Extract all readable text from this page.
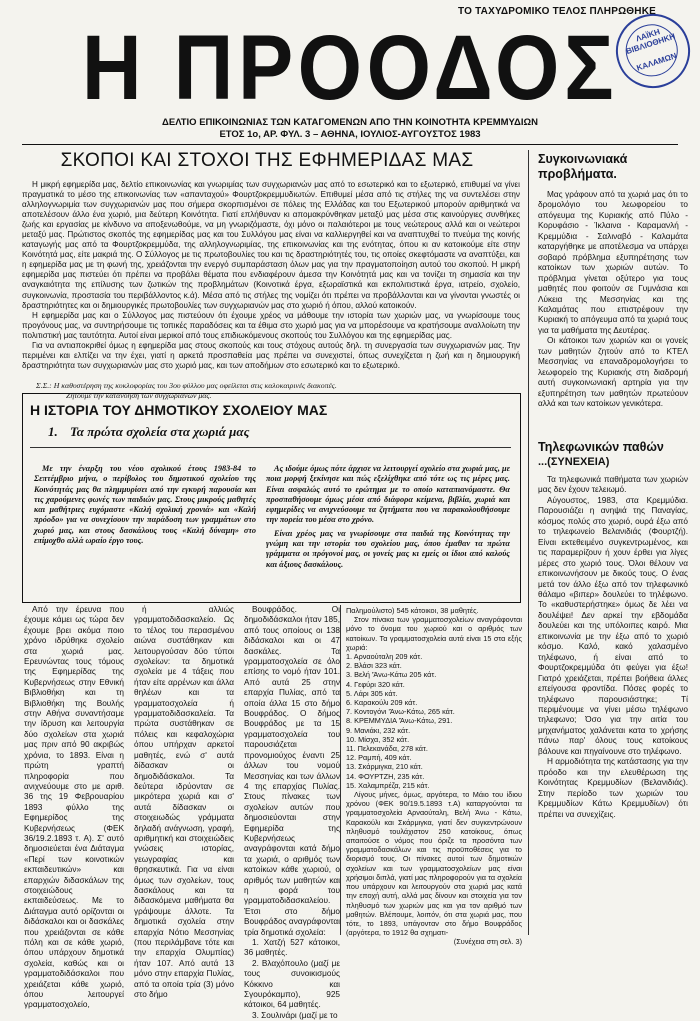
ΤΟ ΤΑΧΥΔΡΟΜΙΚΟ ΤΕΛΟΣ ΠΛΗΡΩΘΗΚΕ
Η ΠΡΟΟΔΟΣ	ΛΑΪΚΗ ΒΙΒΛΙΟΘΗΚΗ
ΚΑΛΑΜΩΝ
ΔΕΛΤΙΟ ΕΠΙΚΟΙΝΩΝΙΑΣ ΤΩΝ ΚΑΤΑΓΟΜΕΝΩΝ ΑΠΟ ΤΗΝ ΚΟΙΝΟΤΗΤΑ ΚΡΕΜΜΥΔΙΩΝ
ΕΤΟΣ 1ο, ΑΡ. ΦΥΛ. 3 – ΑΘΗΝΑ, ΙΟΥΛΙΟΣ-ΑΥΓΟΥΣΤΟΣ 1983
ΣΚΟΠΟΙ ΚΑΙ ΣΤΟΧΟΙ ΤΗΣ ΕΦΗΜΕΡΙΔΑΣ ΜΑΣ

Η μικρή εφημερίδα μας, δελτίο επικοινωνίας και γνωριμίας των συγχωριανών μας από το εσωτερικό και το εξωτερικό, επιθυμεί να γίνει πραγματικά το μέσο της επικοινωνίας των «απανταχού» Φουρτζοκρεμμυδιωτών. Επιθυμεί μέσα από τις στήλες της να συντελέσει στην αλληλογνωριμία των συγχωριανών μας που σήμερα σκορπισμένοι σε πόλεις της Ελλάδας και του Εξωτερικού μπορούν αριθμητικά να αποτελέσουν άλλο ένα χωριό, μια δεύτερη Κοινότητα. Γιατί επλήθυναν κι απομακρύνθηκαν μεταξύ μας μέσα στις καινούργιες συνθήκες ζωής και εργασίας με κίνδυνο να αποξενωθούμε, να μη γνωριζόμαστε, όχι μόνο οι παλαιότεροι με τους νεώτερους αλλά και οι νεώτεροι μεταξύ μας. Πρώτιστος σκοπός της εφημερίδας μας και του Συλλόγου μας είναι να καλλιεργηθεί και να αναπτυχθεί το πνεύμα της κοινής καταγωγής μας από τα Φουρτζοκρεμμύδα, της αλληλογνωριμίας, της επικοινωνίας και της ενότητας, όπου κι αν κατοικούμε είτε στην Κοινότητά μας, είτε μακριά της. Ο Σύλλογος με τις πρωτοβουλίες του και τις δραστηριότητές του, τις οποίες σκεφτόμαστε να αναπτύξει, και η εφημερίδα μας με τη φωνή της, χρειάζονται την ενεργό συμπαράσταση όλων μας για την πραγματοποίηση αυτού του σκοπού. Η μικρή εφημερίδα μας πιστεύει ότι πρέπει να προβάλει θέματα που ενδιαφέρουν άμεσα την Κοινότητά μας και να τονίζει τη σημασία και την αναγκαιότητα της επίλυσης των ζωτικών της προβλημάτων (Κοινοτικά έργα, εξωραϊστικά και εκπολιτιστικά έργα, ιατρείο, σχολείο, συγκοινωνία, προστασία του περιβάλλοντος κ.ά). Μέσα από τις στήλες της νομίζει ότι πρέπει να προβάλλονται και να γίνονται γνωστές οι δραστηριότητες και οι δημιουργικές πρωτοβουλίες των συγχωριανών μας στο χωριό ή όπου, αλλού κατοικούν.

Η εφημερίδα μας και ο Σύλλογος μας πιστεύουν ότι έχουμε χρέος να μάθουμε την ιστορία των χωριών μας, να γνωρίσουμε τους προγόνους μας, να συντηρήσουμε τις τοπικές παραδόσεις και τα έθιμα στο χωριό μας για να μπορέσουμε να κρατήσουμε αναλλοίωτη την πολιτιστική μας ταυτότητα. Αυτοί είναι μερικοί από τους επιδιωκόμενους σκοπούς του Συλλόγου και της εφημερίδας μας.

Για να αντιαποκριθεί όμως η εφημερίδα μας στους σκοπούς και τους στόχους αυτούς δηλ. τη συνεργασία των συγχωριανών μας. Την περιμένει και ελπίζει να την έχει, γιατί η αρκετά προσπαθεία μας πρέπει να συνεχιστεί, όπως συνεχίζεται η ζωή και η δημιουργική δραστηριότητα των συγχωριανών μας στο χωριό μας, και των αποδήμων στο εσωτερικό και το εξωτερικό.

Σ.Σ.: Η καθυστέρηση της κυκλοφορίας του 3ου φύλλου μας οφείλεται στις καλοκαιρινές διακοπές.
Ζητούμε την κατανόηση των συγχωριανών μας.
Συγκοινωνιακά προβλήματα.

Μας γράφουν από τα χωριά μας ότι το δρομολόγιο του λεωφορείου το απόγευμα της Κυριακής από Πύλο - Κορυφάσιο - Ίκλαινα - Καραμανλή - Κρεμμύδια - Σαλιναβό - Καλαμάτα καταργήθηκε με αποτέλεσμα να υπάρχει σοβαρό πρόβλημα εξυπηρέτησης των κατοίκων των χωριών αυτών. Το πρόβλημα γίνεται οξύτερο για τους μαθητές που φοιτούν σε Γυμνάσια και Λύκεια της Μεσσηνίας και της Καλαμάτας που επιστρέφουν την Κυριακή το απόγευμα από τα χωριά τους για τα μαθήματα της Δευτέρας.

Οι κάτοικοι των χωριών και οι γονείς των μαθητών ζητούν από το ΚΤΕΛ Μεσσηνίας να επαναδρομολογήσει το λεωφορείο της Κυριακής στη διαδρομή αυτή συγκοινωνιακή αρτηρία για την εξυπηρέτηση των μαθητών πρωτεύουν αλλά και των κατοίκων γενικότερα.

Τηλεφωνικών παθών
...(ΣΥΝΕΧΕΙΑ)

Τα τηλεφωνικά παθήματα των χωριών μας δεν έχουν τελειωμό.

Αύγουστος, 1983, στα Κρεμμύδια. Παρουσιάζει η ανηψιά της Παναγίας, κόσμος πολύς στο χωριό, ουρά έξω από το τηλεφωνείο Βελανιδιάς (Φουρτζή). Είναι εκτεθειμένο συγκεντρωμένος, και τις παραμερίζουν ή χουν έρθει για λίγες μέρες στο χωριό τους. Όλοι θέλουν να επικοινωνήσουν με δικούς τους. Ο ένας μετά τον άλλο έξω από τον τηλεφωνικό θάλαμο «βιπερ» δουλεύει το τηλέφωνο. Το «καθυστερήστηκε» όμως δε λέει να δουλέψει! Δεν αρκεί την εβδομάδα δουλεύει και της υπόλοιπες καιρό. Μια επικοινωνία με την έξω από το χωριό κόσμο. Καλό, κακό χαλασμένο τηλέφωνο, ή είναι από το Φουρτζοκρεμμύδα ότι φεύγει για έξω! Γιατρό χρειάζεται, πρέπει βοήθεια άλλες επείγουσα φροντίδα. Πόσες φορές το τηλέφωνο παρουσιάστηκε; Τί περιμένουμε να γίνει μέσω τηλέφωνο τηλεφωνο; Όσο για την αιτία του μηχανήματος χαλάνεται κατα το χρήσης πάνω παρ' όλους τους κατοίκους βάλουνε και πηγαίνουνε στο τηλέφωνο.

Η αρμοδιότητα της κατάστασης για την πρόοδο και την ελευθέρωση της Κοινότητας Κρεμμυδίων (Βελανιδιάς). Στην περίοδο των χωριών του Κρεμμυδίων Κάτω Κρεμμυδίων) ότι πρέπει να συνεχίζεις.

Η ΙΣΤΟΡΙΑ ΤΟΥ ΔΗΜΟΤΙΚΟΥ ΣΧΟΛΕΙΟΥ ΜΑΣ
1. Τα πρώτα σχολεία στα χωριά μας

Με την έναρξη του νέου σχολικού έτους 1983-84 το Σεπτέμβριο μήνα, ο περίβολος του δημοτικού σχολείου της Κοινότητάς μας θα πλημμυρίσει από την εγκυρή παρουσία και τις χαρούμενες φωνές των παιδιών μας. Στους μικρούς μαθητές και μαθήτριες ευχόμαστε «Καλή σχολική χρονιά» και «Καλή πρόοδο» για να συνεχίσουν την παράδοση των γραμμάτων στο χωριό μας, και στους δασκάλους τους «Καλή δύναμη» στο επίμοχθο αλλά ωραίο έργο τους.

Ας ιδούμε όμως πότε άρχισε να λειτουργεί σχολείο στα χωριά μας, με ποια μορφή ξεκίνησε και πώς εξελίχθηκε από τότε ως τις μέρες μας. Είναι ασφαλώς αυτό το ερώτημα με το οποίο καταπιανόμαστε. Θα προσπαθήσουμε όμως μέσα από διάφορα κείμενα, βιβλία, χωριά και εφημερίδες να ανιχνεύσουμε τα ζητήματα που να παρακολουθήσουμε την πορεία του μέσα στο χρόνο.

Είναι χρέος μας να γνωρίσουμε στα παιδιά της Κοινότητας την γνώμη και την ιστορία του σχολείου μας, όπου έμαθαν τα πρώτα γράμματα οι πρόγονοί μας, οι γονείς μας κι εμείς οι ίδιοι από καλούς και άξιους δασκάλους.

Από την έρευνα που έχουμε κάμει ως τώρα δεν έχουμε βρει ακόμα ποιο χρόνο ιδρύθηκε σχολείο στα χωριά μας. Ερευνώντας τους τόμους της Εφημερίδας της Κυβερνήσεως στην Εθνική Βιβλιοθήκη και τη Βιβλιοθήκη της Βουλής στην Αθήνα συναντήσαμε την ίδρυση και λειτουργία δύο σχολείων στα χωριά μας πριν από 90 ακριβώς χρόνια, το 1893. Είναι η πρώτη γραπτή πληροφορία που ανιχνεύουμε στο με αριθ. 36 της 19 Φεβρουαρίου 1893 φύλλο της Εφημερίδος της Κυβερνήσεως (ΦΕΚ 36/19.2.1893 τ. Α). Σ' αυτό δημοσιεύεται ένα Διάταγμα «Περί των κοινοτικών εκπαιδευτικών» και επαρχιών διδασκάλων της στοιχειώδους εκπαιδεύσεως. Με το Διάταγμα αυτό ορίζονται οι διδάσκαλοι και οι δασκάλες που χρειάζονται σε κάθε πόλη και σε κάθε χωριό, όπου υπάρχουν δημοτικά σχολεία, καθώς και οι γραμματοδιδάσκαλοι που χρειάζεται κάθε χωριό, όπου λειτουργεί γραμματοσχολείο,

ή αλλιώς γραμματοδιδασκαλείο. Ως το τέλος του περασμένου αιώνα συστάθηκαν και λειτουργούσαν δύο τύποι σχολείων: τα δημοτικά σχολεία με 4 τάξεις που ήταν είτε αρρένων και άλλα θηλέων και τα γραμματοσχολεία ή γραμματοδιδασκαλεία. Τα πρώτα συστάθηκαν σε πόλεις και κεφαλοχώρια όπου υπήρχαν αρκετοί μαθητές, ενώ σ' αυτά δίδασκαν οι δημοδιδάσκαλοι. Τα δεύτερα ιδρύονταν σε μικρότερα χωριά και σ' αυτά δίδασκαν οι στοιχειωδώς γράμματα δηλαδή ανάγνωση, γραφή, αριθμητική και στοιχειώδεις γνώσεις ιστορίας, γεωγραφίας και θρησκευτικά. Για να είναι όμως των σχολείων, τους δασκάλους και τα διδασκόμενα μαθήματα θα γράψουμε άλλοτε. Τα δημοτικά σχολεία στην επαρχία Νότιο Μεσσηνίας (που περιλάμβανε τότε και την επαρχία Ολυμπίας) ήταν 107. Από αυτά 13 μόνο στην επαρχία Πυλίας, από τα οποία τρία (3) μόνο στο δήμο

Βουφράδος. Οι δημοδιδάσκαλοι ήταν 185, από τους οποίους οι 138 διδάσκαλοι και οι 47 δασκάλες. Τα γραμματοσχολεία σε όλο επίσης το νομό ήταν 101. Από αυτά 25 στην επαρχία Πυλίας, από τα οποία άλλα 15 στο δήμο Βουφράδος. Ο δήμος Βουφράδος με τα 15 γραμματοσχολεία του παρουσιάζεται προνομιούχος έναντι 25 άλλων του νομού Μεσσηνίας και των άλλων 4 της επαρχίας Πυλίας. Στους πίνακες των σχολείων αυτών που δημοσιεύονται στην Εφημερίδα της Κυβερνήσεως αναγράφονται κατά δήμο τα χωριά, ο αριθμός των κατοίκων κάθε χωριού, ο αριθμός των μαθητών και η φορά του γραμματοδιδασκαλείου. Έτσι στο δήμο Βουφράδος αναγράφονται τρία δημοτικά σχολεία:

1. Χατζή 527 κάτοικοι, 36 μαθητές.

2. Βλαχόπουλο (μαζί με τους συνοικισμούς Κόκκινο και Σγουρόκαμπο), 925 κάτοικοι, 64 μαθητές.

3. Σουλινάρι (μαζί με το

Παλημούλιστο) 545 κάτοικοι, 38 μαθητές.
Στον πίνακα των γραμματοσχολείων αναγράφονται μόνο το όνομα του χωριού και ο αριθμός των κατοίκων. Τα γραμματοσχολεία αυτά είναι 15 στα εξής χωριά:
1. Αρναούταλη 209 κάτ.
2. Βλάσι 323 κάτ.
3. Βελή 'Άνω-Κάτω 205 κάτ.
4. Γεφύρι 320 κάτ.
5. Λάρι 305 κάτ.
6. Καρακούλι 209 κάτ.
7. Κοντογόνι 'Άνω-Κάτω, 265 κάτ.
8. ΚΡΕΜΜΥΔΙΑ 'Άνω-Κάτω, 291.
9. Μανιάκι, 232 κάτ.
10. Μίσχα, 352 κάτ.
11. Πελεκανάδα, 278 κάτ.
12. Ραμπή, 409 κάτ.
13. Σκάρμιγκα, 210 κάτ.
14. ΦΟΥΡΤΖΗ, 235 κάτ.
15. Χαλαμπρέζα, 215 κάτ.
Λίγους μήνες, όμως, αργότερα, το Μάιο του ίδιου χρόνου (ΦΕΚ 90/19.5.1893 τ.Α) καταργούνται τα γραμματοσχολεία Αρναούταλη, Βελή Άνω - Κάτω, Καρακούλι και Σκάρμιγκα, γιατί δεν συγκεντρώνουν πληθυσμό τουλάχιστον 250 κατοίκους, όπως απαιτούσε ο νόμος που όριζε τα προσόντα των γραμματοδασκάλων και τις προϋποθέσεις για το διορισμό τους. Οι πίνακες αυτοί των δημοτικών σχολείων και των γραμματοσχολείων μας είναι χρήσιμοι διπλά, γιατί μας πληροφορούν για τα σχολεία που υπάρχουν και λειτουργούν στα χωριά μας κατά την εποχή αυτή, αλλά μας δίνουν και στοιχεία για τον πληθυσμό των χωριών μας και για τον αριθμό των μαθητών. Βλέπουμε, λοιπόν, ότι στα χωριά μας, που τότε, το 1893, υπάγονταν στο δήμο Βουφράδος (αργότερα, το 1912 θα σχηματι-
(Συνέχεια στη σελ. 3)
